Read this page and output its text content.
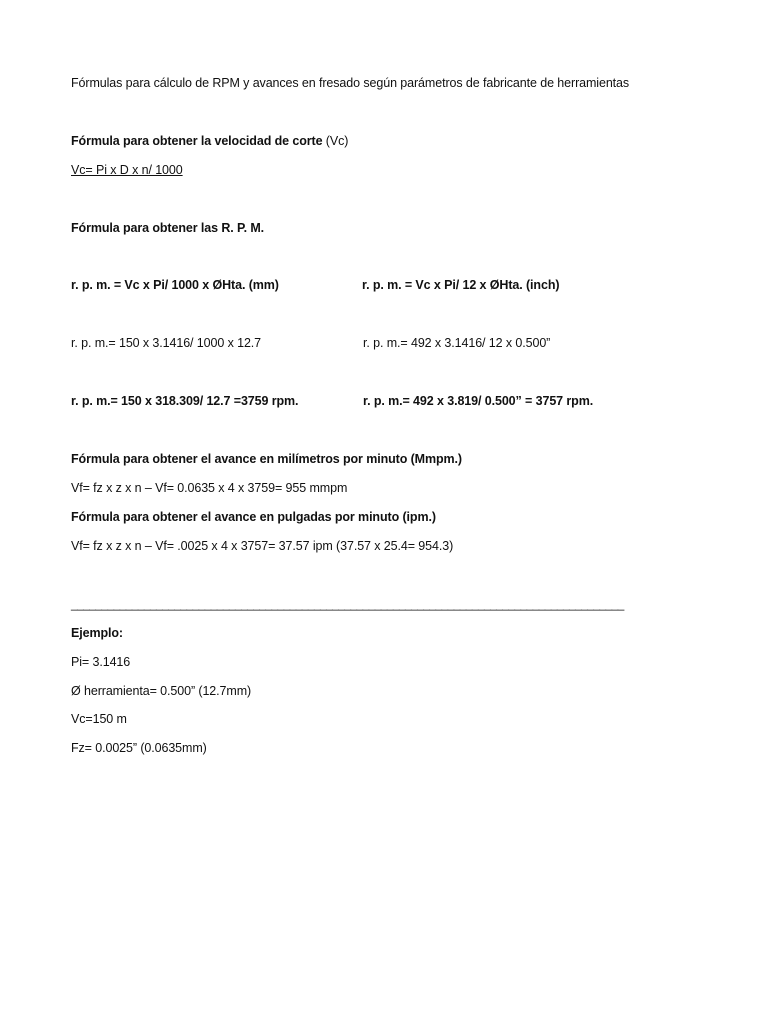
Fórmulas para cálculo de RPM y avances en fresado según parámetros de fabricante de herramientas
Fórmula para obtener la velocidad de corte (Vc)
Vc= Pi x D x n/ 1000
Fórmula para obtener las R. P. M.
r. p. m. = Vc x Pi/ 1000 x ØHta. (mm)	r. p. m. = Vc x Pi/ 12 x ØHta. (inch)
r. p. m.= 150 x 3.1416/ 1000 x 12.7	r. p. m.= 492 x 3.1416/ 12 x 0.500”
r. p. m.= 150 x 318.309/ 12.7 =3759 rpm.	r. p. m.= 492 x 3.819/ 0.500” = 3757 rpm.
Fórmula para obtener el avance en milímetros por minuto (Mmpm.)
Vf= fz x z x n – Vf= 0.0635 x 4 x 3759= 955 mmpm
Fórmula para obtener el avance en pulgadas por minuto (ipm.)
Vf= fz x z x n – Vf= .0025 x 4 x 3757= 37.57 ipm (37.57 x 25.4= 954.3)
___________________________________________________________________________________________
Ejemplo:
Pi= 3.1416
Ø herramienta= 0.500” (12.7mm)
Vc=150 m
Fz= 0.0025” (0.0635mm)
